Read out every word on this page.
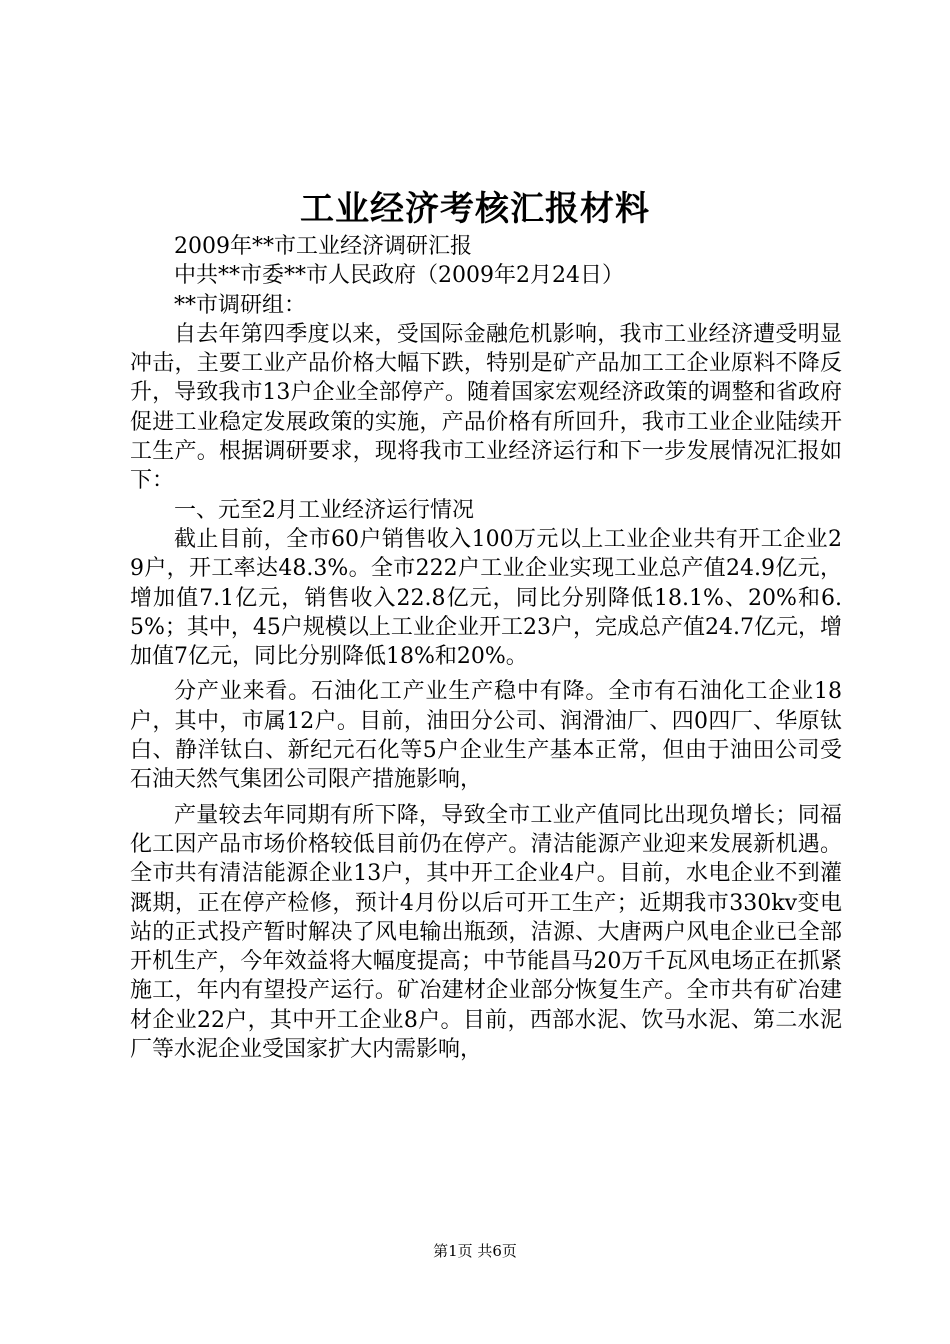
工业经济考核汇报材料

2009年**市工业经济调研汇报

中共**市委**市人民政府（2009年2月24日）

**市调研组：

自去年第四季度以来，受国际金融危机影响，我市工业经济遭受明显冲击，主要工业产品价格大幅下跌，特别是矿产品加工工企业原料不降反升，导致我市13户企业全部停产。随着国家宏观经济政策的调整和省政府促进工业稳定发展政策的实施，产品价格有所回升，我市工业企业陆续开工生产。根据调研要求，现将我市工业经济运行和下一步发展情况汇报如下：

一、元至2月工业经济运行情况

截止目前，全市60户销售收入100万元以上工业企业共有开工企业29户，开工率达48.3%。全市222户工业企业实现工业总产值24.9亿元，增加值7.1亿元，销售收入22.8亿元，同比分别降低18.1%、20%和6.5%；其中，45户规模以上工业企业开工23户，完成总产值24.7亿元，增加值7亿元，同比分别降低18%和20%。

分产业来看。石油化工产业生产稳中有降。全市有石油化工企业18户，其中，市属12户。目前，油田分公司、润滑油厂、四0四厂、华原钛白、静洋钛白、新纪元石化等5户企业生产基本正常，但由于油田公司受石油天然气集团公司限产措施影响，

产量较去年同期有所下降，导致全市工业产值同比出现负增长；同福化工因产品市场价格较低目前仍在停产。清洁能源产业迎来发展新机遇。全市共有清洁能源企业13户，其中开工企业4户。目前，水电企业不到灌溉期，正在停产检修，预计4月份以后可开工生产；近期我市330kv变电站的正式投产暂时解决了风电输出瓶颈，洁源、大唐两户风电企业已全部开机生产，今年效益将大幅度提高；中节能昌马20万千瓦风电场正在抓紧施工，年内有望投产运行。矿冶建材企业部分恢复生产。全市共有矿冶建材企业22户，其中开工企业8户。目前，西部水泥、饮马水泥、第二水泥厂等水泥企业受国家扩大内需影响，

第1页 共6页
